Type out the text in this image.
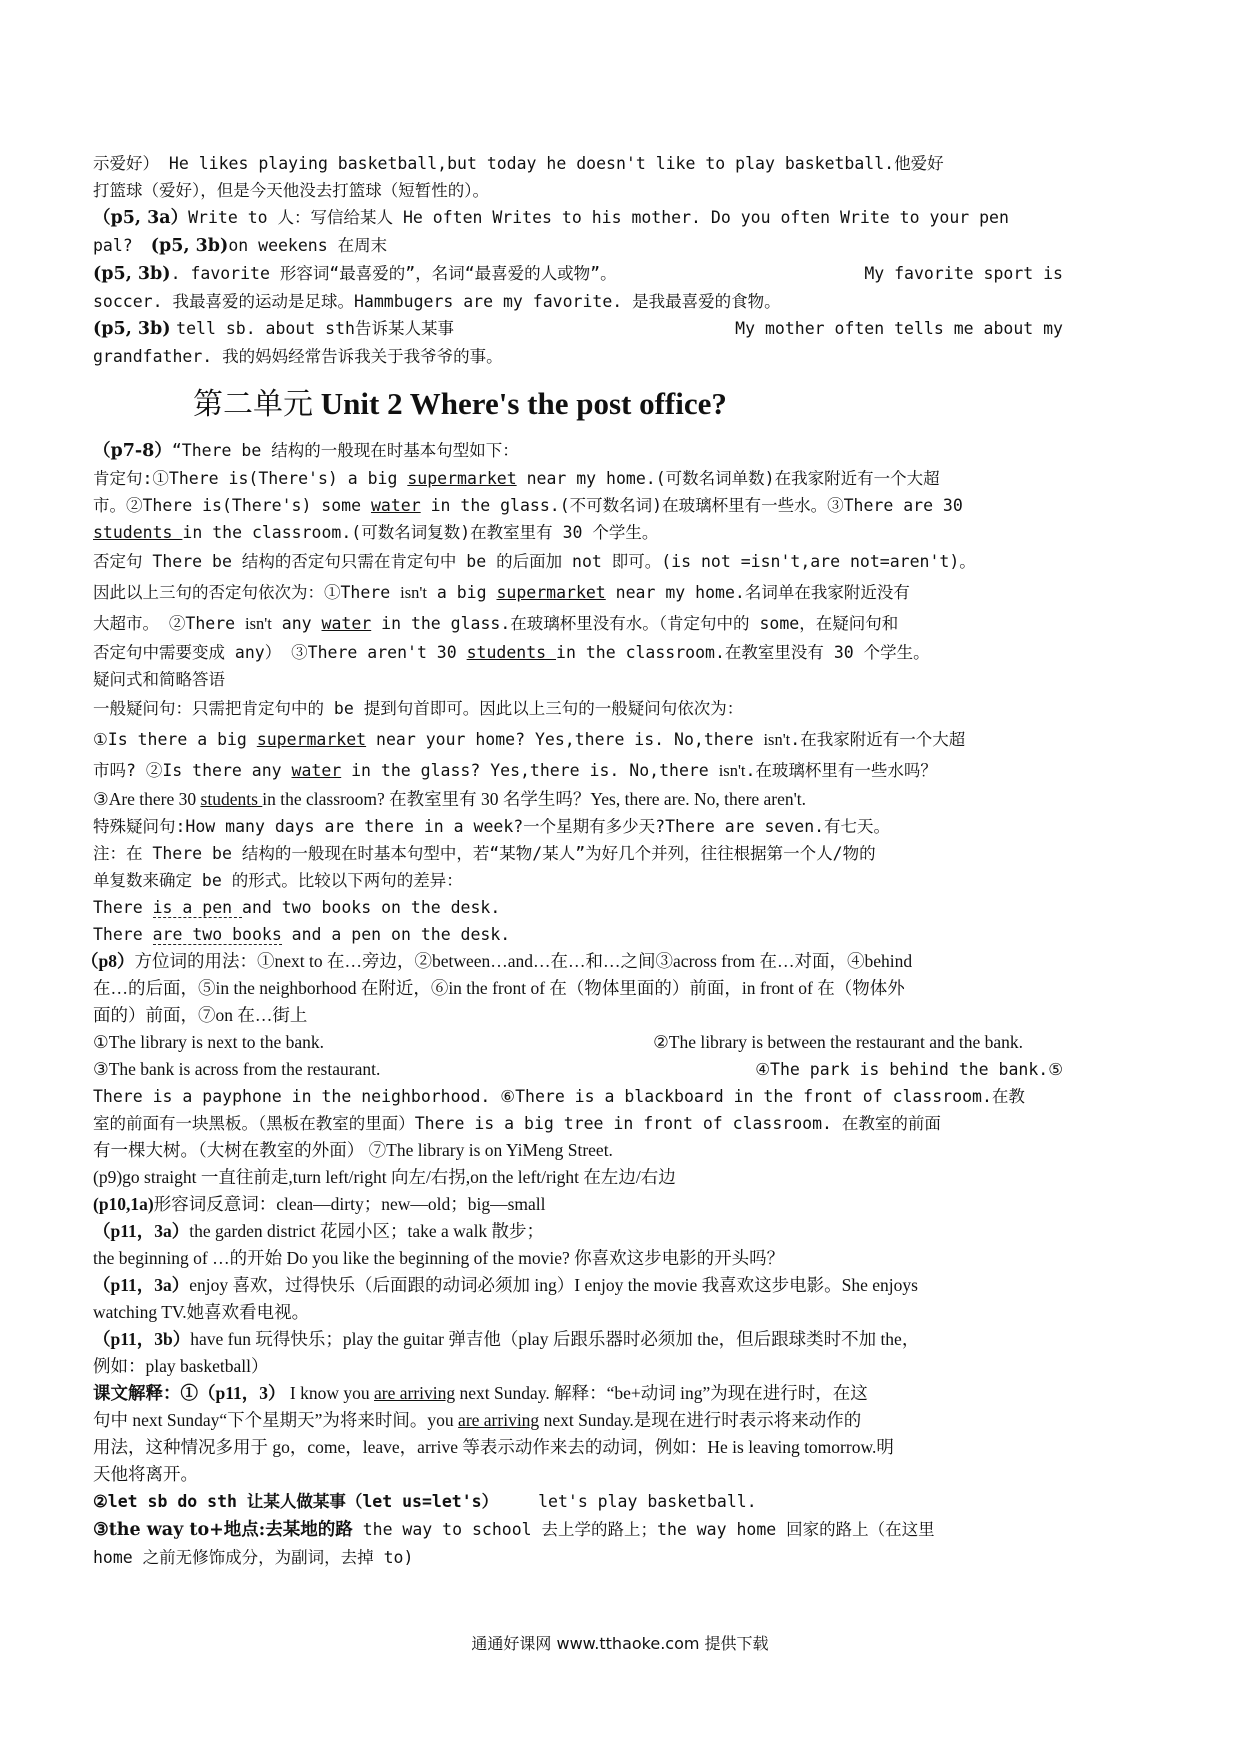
示爱好） He likes playing basketball,but today he doesn't like to play basketball.他爱好

打篮球（爱好），但是今天他没去打篮球（短暂性的）。

（p5, 3a）Write to 人：写信给某人 He often Writes to his mother. Do you often Write to your pen

pal? (p5, 3b)on weekens 在周末

(p5, 3b). favorite 形容词“最喜爱的”，名词“最喜爱的人或物”。	My favorite sport is

soccer. 我最喜爱的运动是足球。Hammbugers are my favorite. 是我最喜爱的食物。

(p5, 3b) tell sb. about sth告诉某人某事	My mother often tells me about my

grandfather. 我的妈妈经常告诉我关于我爷爷的事。

第二单元 Unit 2 Where's the post office?

（p7-8）“There be 结构的一般现在时基本句型如下：

肯定句:①There is(There's) a big supermarket near my home.(可数名词单数)在我家附近有一个大超

市。②There is(There's) some water in the glass.(不可数名词)在玻璃杯里有一些水。③There are 30

students in the classroom.(可数名词复数)在教室里有 30 个学生。

否定句 There be 结构的否定句只需在肯定句中 be 的后面加 not 即可。(is not =isn't,are not=aren't)。

因此以上三句的否定句依次为：①There isn't a big supermarket near my home.名词单在我家附近没有

大超市。 ②There isn't any water in the glass.在玻璃杯里没有水。（肯定句中的 some，在疑问句和

否定句中需要变成 any） ③There aren't 30 students in the classroom.在教室里没有 30 个学生。

疑问式和简略答语

一般疑问句：只需把肯定句中的 be 提到句首即可。因此以上三句的一般疑问句依次为：

①Is there a big supermarket near your home? Yes,there is. No,there isn't.在我家附近有一个大超

市吗? ②Is there any water in the glass? Yes,there is. No,there isn't.在玻璃杯里有一些水吗？

③Are there 30 students in the classroom? 在教室里有 30 名学生吗？Yes, there are. No, there aren't.

特殊疑问句:How many days are there in a week?一个星期有多少天?There are seven.有七天。

注：在 There be 结构的一般现在时基本句型中，若“某物/某人”为好几个并列，往往根据第一个人/物的

单复数来确定 be 的形式。比较以下两句的差异：

There is a pen and two books on the desk.

There are two books and a pen on the desk.

（p8）方位词的用法：①next to 在…旁边，②between…and…在…和…之间③across from 在…对面，④behind

在…的后面，⑤in the neighborhood 在附近，⑥in the front of 在（物体里面的）前面，in front of 在（物体外

面的）前面，⑦on 在…街上

①The library is next to the bank.	②The library is between the restaurant and the bank.

③The bank is across from the restaurant.	④The park is behind the bank.⑤

There is a payphone in the neighborhood. ⑥There is a blackboard in the front of classroom.在教

室的前面有一块黑板。（黑板在教室的里面）There is a big tree in front of classroom. 在教室的前面

有一棵大树。（大树在教室的外面） ⑦The library is on YiMeng Street.

(p9)go straight 一直往前走,turn left/right 向左/右拐,on the left/right 在左边/右边

(p10,1a)形容词反意词：clean—dirty；new—old；big—small

（p11，3a）the garden district 花园小区；take a walk 散步；

the beginning of …的开始 Do you like the beginning of the movie? 你喜欢这步电影的开头吗？

（p11，3a）enjoy 喜欢，过得快乐（后面跟的动词必须加 ing）I enjoy the movie 我喜欢这步电影。She enjoys

watching TV.她喜欢看电视。

（p11，3b）have fun 玩得快乐；play the guitar 弹吉他（play 后跟乐器时必须加 the，但后跟球类时不加 the，

例如：play basketball）

课文解释：①（p11，3） I know you are arriving next Sunday. 解释：“be+动词 ing”为现在进行时，在这

句中 next Sunday“下个星期天”为将来时间。you are arriving next Sunday.是现在进行时表示将来动作的

用法，这种情况多用于 go，come，leave，arrive 等表示动作来去的动词，例如：He is leaving tomorrow.明

天他将离开。

②let sb do sth 让某人做某事（let us=let's） let's play basketball.

③the way to+地点:去某地的路 the way to school 去上学的路上；the way home 回家的路上（在这里

home 之前无修饰成分，为副词，去掉 to)

通通好课网 www.tthaoke.com 提供下载
